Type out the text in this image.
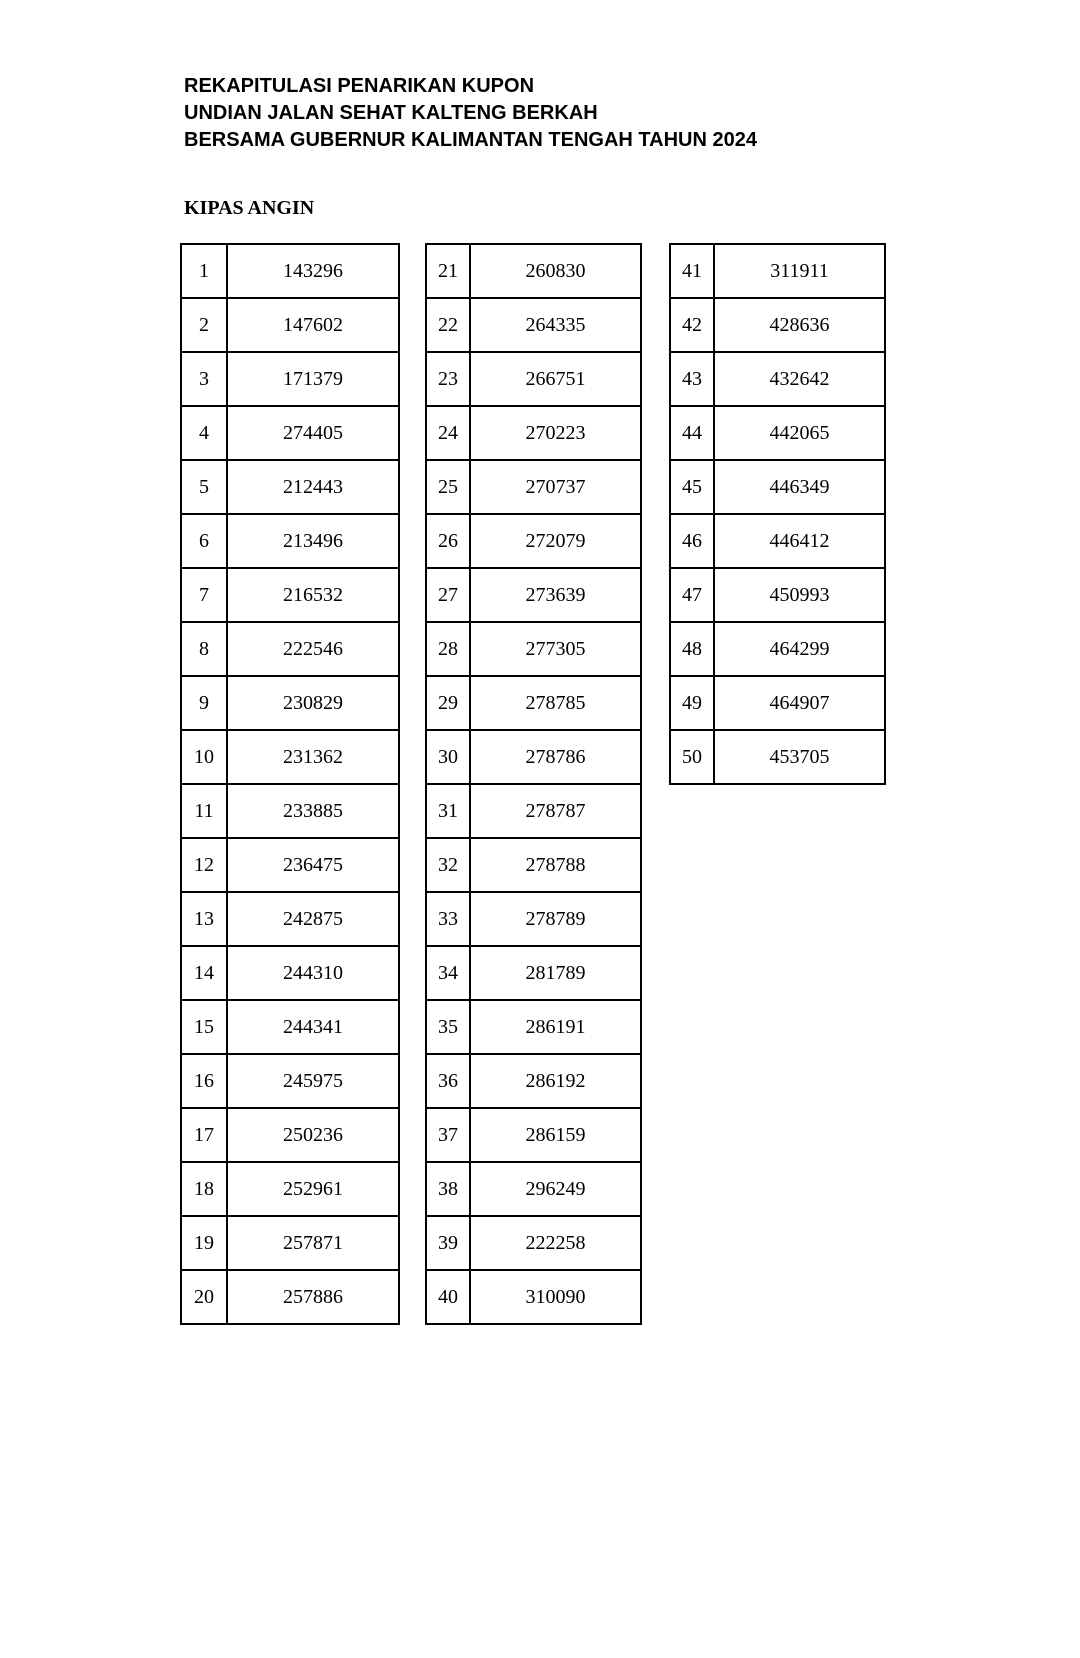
REKAPITULASI PENARIKAN KUPON
UNDIAN JALAN SEHAT KALTENG BERKAH
BERSAMA GUBERNUR KALIMANTAN TENGAH TAHUN 2024
KIPAS ANGIN
1	143296
2	147602
3	171379
4	274405
5	212443
6	213496
7	216532
8	222546
9	230829
10	231362
11	233885
12	236475
13	242875
14	244310
15	244341
16	245975
17	250236
18	252961
19	257871
20	257886
21	260830
22	264335
23	266751
24	270223
25	270737
26	272079
27	273639
28	277305
29	278785
30	278786
31	278787
32	278788
33	278789
34	281789
35	286191
36	286192
37	286159
38	296249
39	222258
40	310090
41	311911
42	428636
43	432642
44	442065
45	446349
46	446412
47	450993
48	464299
49	464907
50	453705
